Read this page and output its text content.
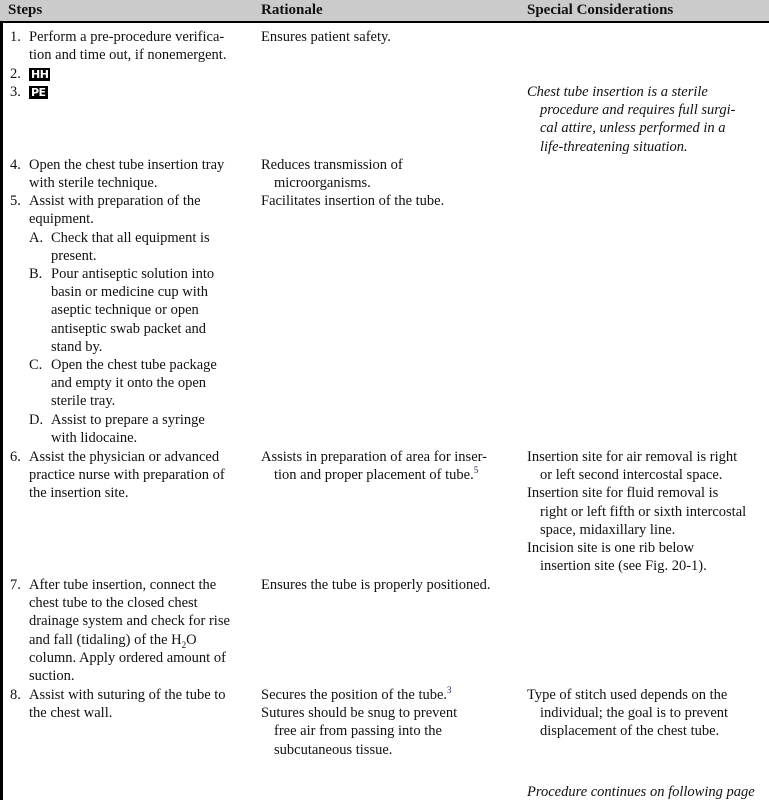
Steps	Rationale	Special Considerations
1. Perform a pre-procedure verifica-
tion and time out, if nonemergent.
2. HH
3. PE
4. Open the chest tube insertion tray
with sterile technique.
5. Assist with preparation of the
equipment.
A. Check that all equipment is
present.
B. Pour antiseptic solution into
basin or medicine cup with
aseptic technique or open
antiseptic swab packet and
stand by.
C. Open the chest tube package
and empty it onto the open
sterile tray.
D. Assist to prepare a syringe
with lidocaine.
6. Assist the physician or advanced
practice nurse with preparation of
the insertion site.
7. After tube insertion, connect the
chest tube to the closed chest
drainage system and check for rise
and fall (tidaling) of the $H_2O$
column. Apply ordered amount of
suction.
8. Assist with suturing of the tube to
the chest wall.
Ensures patient safety.
Reduces transmission of
microorganisms.
Facilitates insertion of the tube.
Assists in preparation of area for inser-
tion and proper placement of tube.$^5$
Ensures the tube is properly positioned.
Secures the position of the tube.$^3$
Sutures should be snug to prevent
free air from passing into the
subcutaneous tissue.
Chest tube insertion is a sterile
procedure and requires full surgi-
cal attire, unless performed in a
life-threatening situation.
Insertion site for air removal is right
or left second intercostal space.
Insertion site for fluid removal is
right or left fifth or sixth intercostal
space, midaxillary line.
Incision site is one rib below
insertion site (see Fig. 20-1).
Type of stitch used depends on the
individual; the goal is to prevent
displacement of the chest tube.
Procedure continues on following page
